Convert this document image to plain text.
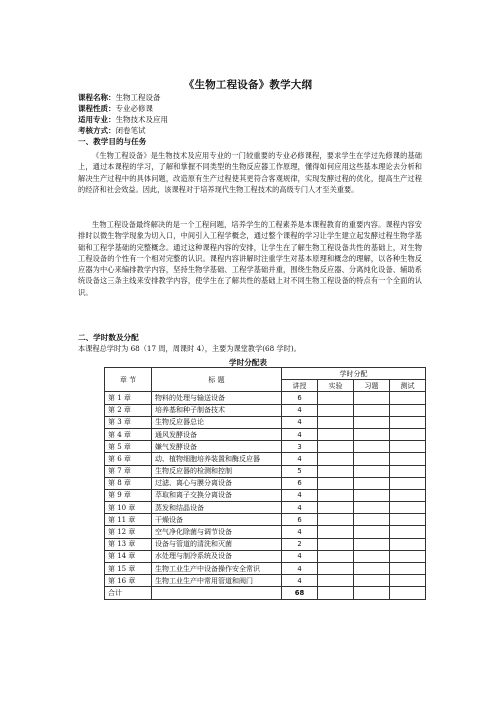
《生物工程设备》教学大纲
课程名称：生物工程设备
课程性质：专业必修课
适用专业：生物技术及应用
考核方式：闭卷笔试
一、教学目的与任务

《生物工程设备》是生物技术及应用专业的一门较重要的专业必修课程，要求学生在学过先修课的基础上，通过本课程的学习，了解和掌握不同类型的生物反应器工作原理，懂得如何应用这些基本理论去分析和解决生产过程中的具体问题，改造原有生产过程使其更符合客观规律，实现发酵过程的优化，提高生产过程的经济和社会效益。因此，该课程对于培养现代生物工程技术的高级专门人才至关重要。

生物工程设备最终解决的是一个工程问题，培养学生的工程素养是本课程教育的重要内容。课程内容安排时以微生物学现象为切入口，中间引入工程学概念，通过整个课程的学习让学生建立起发酵过程生物学基础和工程学基础的完整概念。通过这种课程内容的安排，让学生在了解生物工程设备共性的基础上，对生物工程设备的个性有一个相对完整的认识。课程内容讲解时注重学生对基本原理和概念的理解，以各种生物反应器为中心来编排教学内容，坚持生物学基础、工程学基础并重，围绕生物反应器、分离纯化设备、辅助系统设备这三条主线来安排教学内容，使学生在了解共性的基础上对不同生物工程设备的特点有一个全面的认识。

二、学时数及分配
本课程总学时为 68（17 周，周课时 4），主要为课堂教学(68 学时)。
学时分配表
章 节	标 题	学时分配			
		讲授	实验	习题	测试
第 1 章	物料的处理与输送设备	6			
第 2 章	培养基和种子制备技术	4			
第 3 章	生物反应器总论	4			
第 4 章	通风发酵设备	4			
第 5 章	嫌气发酵设备	3			
第 6 章	动、植物细胞培养装置和酶反应器	4			
第 7 章	生物反应器的检测和控制	5			
第 8 章	过滤、离心与膜分离设备	6			
第 9 章	萃取和离子交换分离设备	4			
第 10 章	蒸发和结晶设备	4			
第 11 章	干燥设备	6			
第 12 章	空气净化除菌与调节设备	4			
第 13 章	设备与管道的清洗和灭菌	2			
第 14 章	水处理与制冷系统及设备	4			
第 15 章	生物工业生产中设备操作安全常识	4			
第 16 章	生物工业生产中常用管道和阀门	4			
合计		68			
